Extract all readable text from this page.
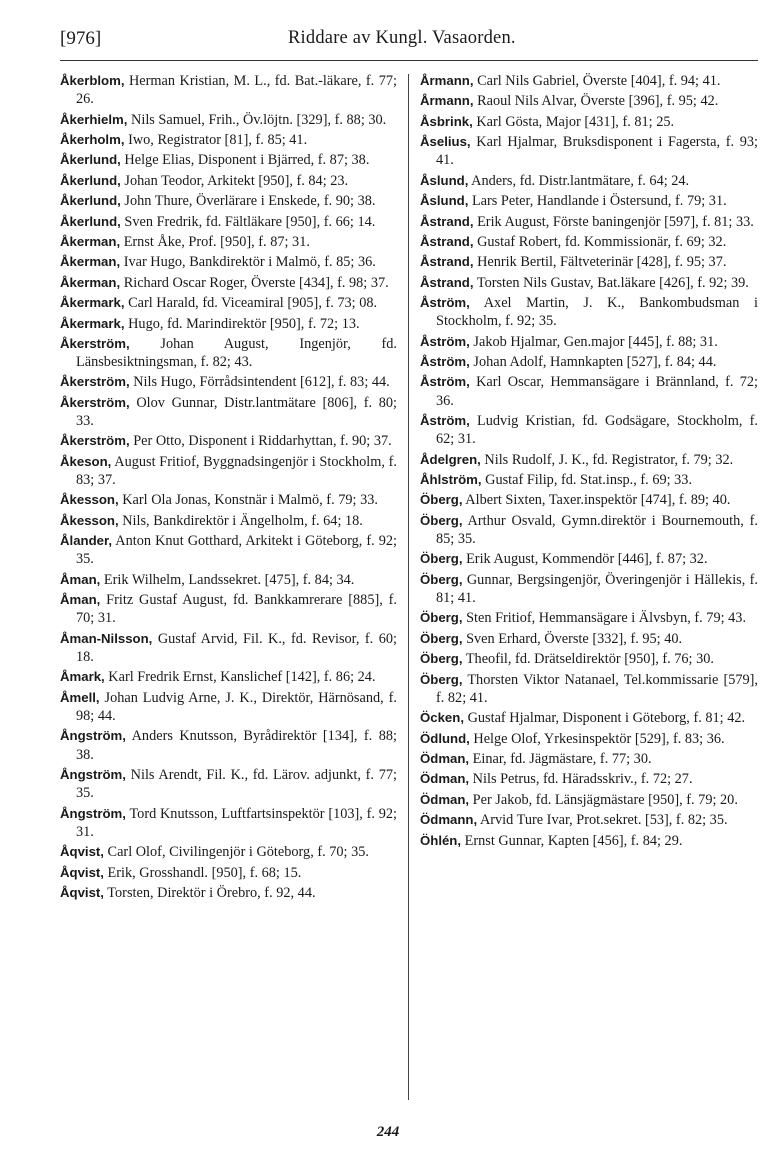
[976]	Riddare av Kungl. Vasaorden.

Åkerblom, Herman Kristian, M. L., fd. Bat.-läkare, f. 77; 26.

Åkerhielm, Nils Samuel, Frih., Öv.löjtn. [329], f. 88; 30.

Åkerholm, Iwo, Registrator [81], f. 85; 41.

Åkerlund, Helge Elias, Disponent i Bjärred, f. 87; 38.

Åkerlund, Johan Teodor, Arkitekt [950], f. 84; 23.

Åkerlund, John Thure, Överlärare i Enskede, f. 90; 38.

Åkerlund, Sven Fredrik, fd. Fältläkare [950], f. 66; 14.

Åkerman, Ernst Åke, Prof. [950], f. 87; 31.

Åkerman, Ivar Hugo, Bankdirektör i Malmö, f. 85; 36.

Åkerman, Richard Oscar Roger, Överste [434], f. 98; 37.

Åkermark, Carl Harald, fd. Viceamiral [905], f. 73; 08.

Åkermark, Hugo, fd. Marindirektör [950], f. 72; 13.

Åkerström, Johan August, Ingenjör, fd. Länsbesiktningsman, f. 82; 43.

Åkerström, Nils Hugo, Förrådsintendent [612], f. 83; 44.

Åkerström, Olov Gunnar, Distr.lantmätare [806], f. 80; 33.

Åkerström, Per Otto, Disponent i Riddarhyttan, f. 90; 37.

Åkeson, August Fritiof, Byggnadsingenjör i Stockholm, f. 83; 37.

Åkesson, Karl Ola Jonas, Konstnär i Malmö, f. 79; 33.

Åkesson, Nils, Bankdirektör i Ängelholm, f. 64; 18.

Ålander, Anton Knut Gotthard, Arkitekt i Göteborg, f. 92; 35.

Åman, Erik Wilhelm, Landssekret. [475], f. 84; 34.

Åman, Fritz Gustaf August, fd. Bankkamrerare [885], f. 70; 31.

Åman-Nilsson, Gustaf Arvid, Fil. K., fd. Revisor, f. 60; 18.

Åmark, Karl Fredrik Ernst, Kanslichef [142], f. 86; 24.

Åmell, Johan Ludvig Arne, J. K., Direktör, Härnösand, f. 98; 44.

Ångström, Anders Knutsson, Byrådirektör [134], f. 88; 38.

Ångström, Nils Arendt, Fil. K., fd. Lärov. adjunkt, f. 77; 35.

Ångström, Tord Knutsson, Luftfartsinspektör [103], f. 92; 31.

Åqvist, Carl Olof, Civilingenjör i Göteborg, f. 70; 35.

Åqvist, Erik, Grosshandl. [950], f. 68; 15.

Åqvist, Torsten, Direktör i Örebro, f. 92, 44.

Årmann, Carl Nils Gabriel, Överste [404], f. 94; 41.

Årmann, Raoul Nils Alvar, Överste [396], f. 95; 42.

Åsbrink, Karl Gösta, Major [431], f. 81; 25.

Åselius, Karl Hjalmar, Bruksdisponent i Fagersta, f. 93; 41.

Åslund, Anders, fd. Distr.lantmätare, f. 64; 24.

Åslund, Lars Peter, Handlande i Östersund, f. 79; 31.

Åstrand, Erik August, Förste baningenjör [597], f. 81; 33.

Åstrand, Gustaf Robert, fd. Kommissionär, f. 69; 32.

Åstrand, Henrik Bertil, Fältveterinär [428], f. 95; 37.

Åstrand, Torsten Nils Gustav, Bat.läkare [426], f. 92; 39.

Åström, Axel Martin, J. K., Bankombudsman i Stockholm, f. 92; 35.

Åström, Jakob Hjalmar, Gen.major [445], f. 88; 31.

Åström, Johan Adolf, Hamnkapten [527], f. 84; 44.

Åström, Karl Oscar, Hemmansägare i Brännland, f. 72; 36.

Åström, Ludvig Kristian, fd. Godsägare, Stockholm, f. 62; 31.

Ådelgren, Nils Rudolf, J. K., fd. Registrator, f. 79; 32.

Åhlström, Gustaf Filip, fd. Stat.insp., f. 69; 33.

Öberg, Albert Sixten, Taxer.inspektör [474], f. 89; 40.

Öberg, Arthur Osvald, Gymn.direktör i Bournemouth, f. 85; 35.

Öberg, Erik August, Kommendör [446], f. 87; 32.

Öberg, Gunnar, Bergsingenjör, Överingenjör i Hällekis, f. 81; 41.

Öberg, Sten Fritiof, Hemmansägare i Älvsbyn, f. 79; 43.

Öberg, Sven Erhard, Överste [332], f. 95; 40.

Öberg, Theofil, fd. Drätseldirektör [950], f. 76; 30.

Öberg, Thorsten Viktor Natanael, Tel.kommissarie [579], f. 82; 41.

Öcken, Gustaf Hjalmar, Disponent i Göteborg, f. 81; 42.

Ödlund, Helge Olof, Yrkesinspektör [529], f. 83; 36.

Ödman, Einar, fd. Jägmästare, f. 77; 30.

Ödman, Nils Petrus, fd. Häradsskriv., f. 72; 27.

Ödman, Per Jakob, fd. Länsjägmästare [950], f. 79; 20.

Ödmann, Arvid Ture Ivar, Prot.sekret. [53], f. 82; 35.

Öhlén, Ernst Gunnar, Kapten [456], f. 84; 29.

244
